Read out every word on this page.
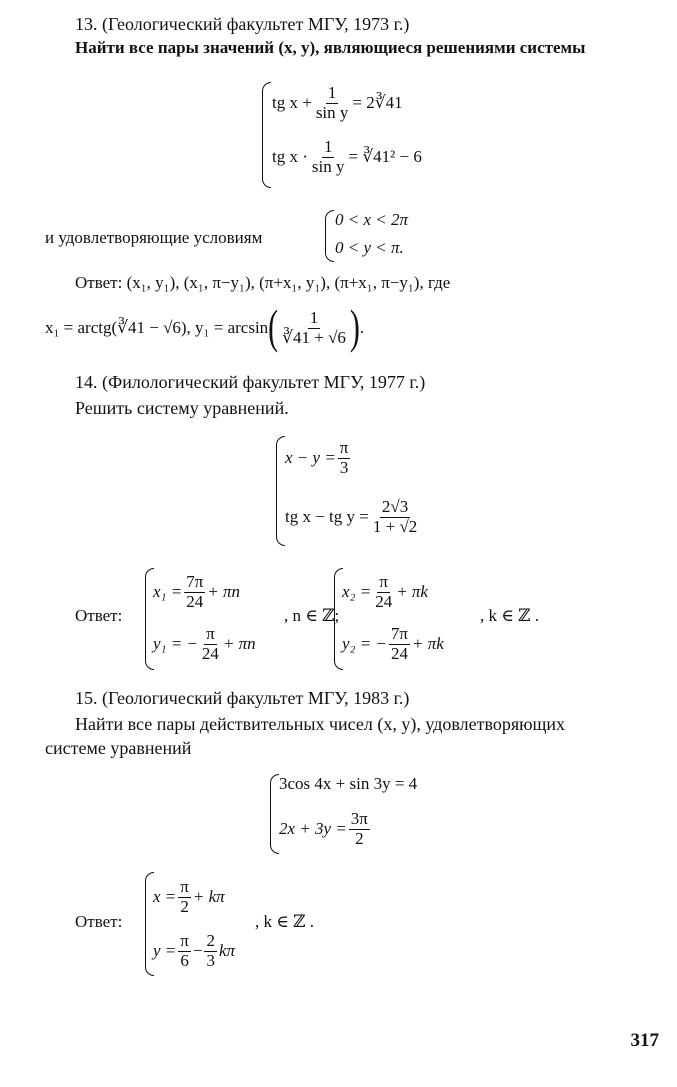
13. (Геологический факультет МГУ, 1973 г.)
Найти все пары значений (x, y), являющиеся решениями системы
tg $x + \frac{1}{\text{sin y}}$ = 2∛41
tg $x \cdot \frac{1}{\text{sin y}}$ = ∛41² − 6
и удовлетворяющие условиям
0 < x < 2π
0 < y < π.
Ответ: (x₁, y₁), (x₁, π−y₁), (π+x₁, y₁), (π+x₁, π−y₁), где
x₁ = arctg(∛41 − √6), y₁ = arcsin ( $\frac{1}{∛41 + √6}$ ) .
14. (Филологический факультет МГУ, 1977 г.)
Решить систему уравнений.
$x - y = \frac{\pi}{3}$
tg x − tg $y = \frac{2√3}{1 + √2}$
Ответ:
$x_1 = \frac{7\pi}{24} + \pi n$
y₁ = − $\frac{\pi}{24} + \pi n$
, n ∈ ℤ;
$x_2 = \frac{\pi}{24} + \pi k$
y₂ = − $\frac{7\pi}{24} + \pi k$
, k ∈ ℤ .
15. (Геологический факультет МГУ, 1983 г.)
Найти все пары действительных чисел (x, y), удовлетворяющих
системе уравнений
3cos 4x + sin 3y = 4
$2x + 3y = \frac{3\pi}{2}$
Ответ:
$x = \frac{\pi}{2} + k\pi$
$y = \frac{\pi}{6} - \frac{2}{3}$ kπ
, k ∈ ℤ .
317
